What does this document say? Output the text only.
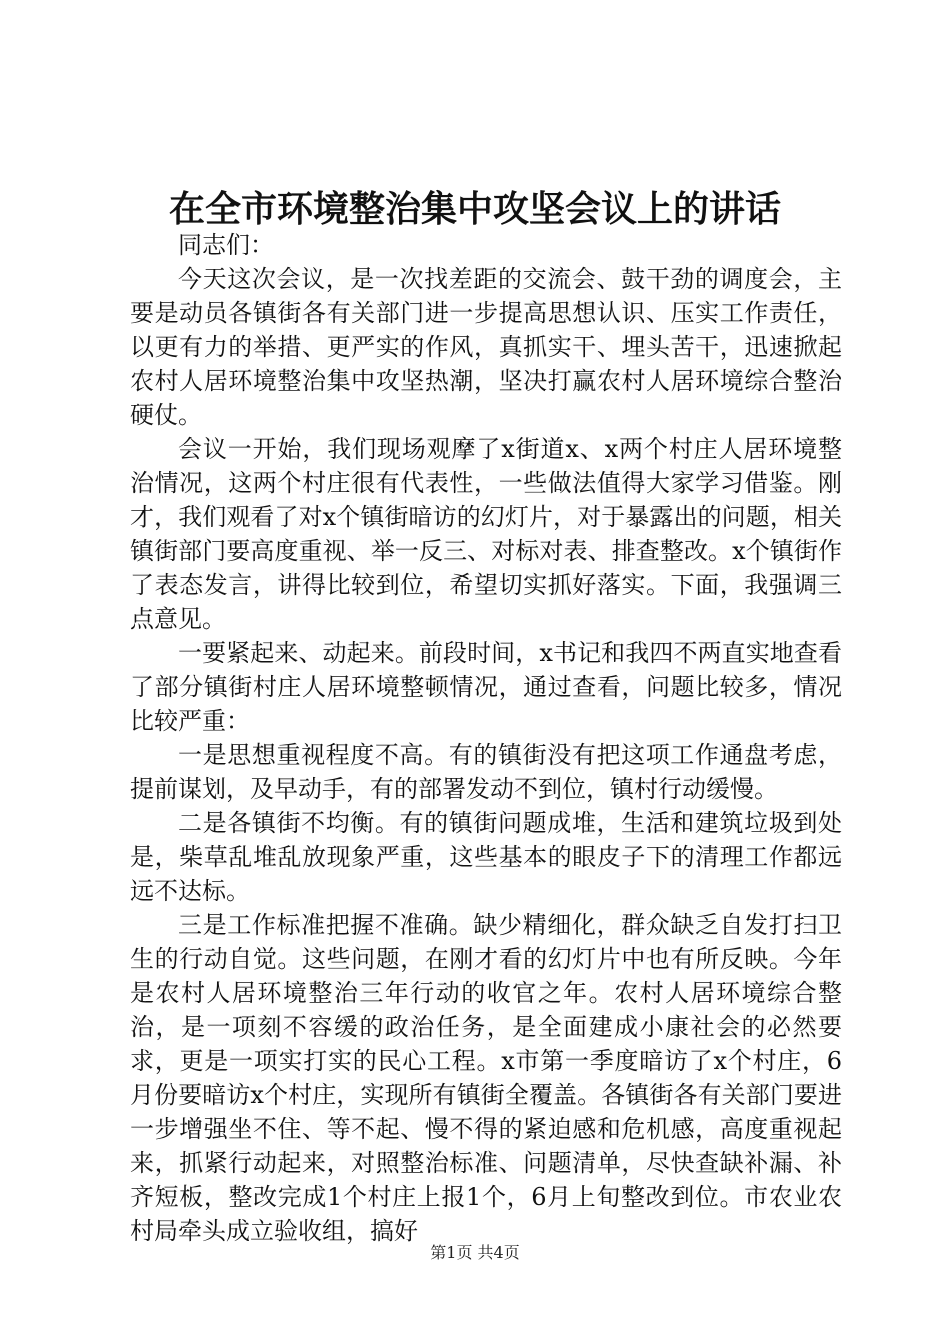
在全市环境整治集中攻坚会议上的讲话

同志们：

今天这次会议，是一次找差距的交流会、鼓干劲的调度会，主要是动员各镇街各有关部门进一步提高思想认识、压实工作责任，以更有力的举措、更严实的作风，真抓实干、埋头苦干，迅速掀起农村人居环境整治集中攻坚热潮，坚决打赢农村人居环境综合整治硬仗。

会议一开始，我们现场观摩了x街道x、x两个村庄人居环境整治情况，这两个村庄很有代表性，一些做法值得大家学习借鉴。刚才，我们观看了对x个镇街暗访的幻灯片，对于暴露出的问题，相关镇街部门要高度重视、举一反三、对标对表、排查整改。x个镇街作了表态发言，讲得比较到位，希望切实抓好落实。下面，我强调三点意见。

一要紧起来、动起来。前段时间，x书记和我四不两直实地查看了部分镇街村庄人居环境整顿情况，通过查看，问题比较多，情况比较严重：

一是思想重视程度不高。有的镇街没有把这项工作通盘考虑，提前谋划，及早动手，有的部署发动不到位，镇村行动缓慢。

二是各镇街不均衡。有的镇街问题成堆，生活和建筑垃圾到处是，柴草乱堆乱放现象严重，这些基本的眼皮子下的清理工作都远远不达标。

三是工作标准把握不准确。缺少精细化，群众缺乏自发打扫卫生的行动自觉。这些问题，在刚才看的幻灯片中也有所反映。今年是农村人居环境整治三年行动的收官之年。农村人居环境综合整治，是一项刻不容缓的政治任务，是全面建成小康社会的必然要求，更是一项实打实的民心工程。x市第一季度暗访了x个村庄，6月份要暗访x个村庄，实现所有镇街全覆盖。各镇街各有关部门要进一步增强坐不住、等不起、慢不得的紧迫感和危机感，高度重视起来，抓紧行动起来，对照整治标准、问题清单，尽快查缺补漏、补齐短板，整改完成1个村庄上报1个，6月上旬整改到位。市农业农村局牵头成立验收组，搞好

第1页 共4页
